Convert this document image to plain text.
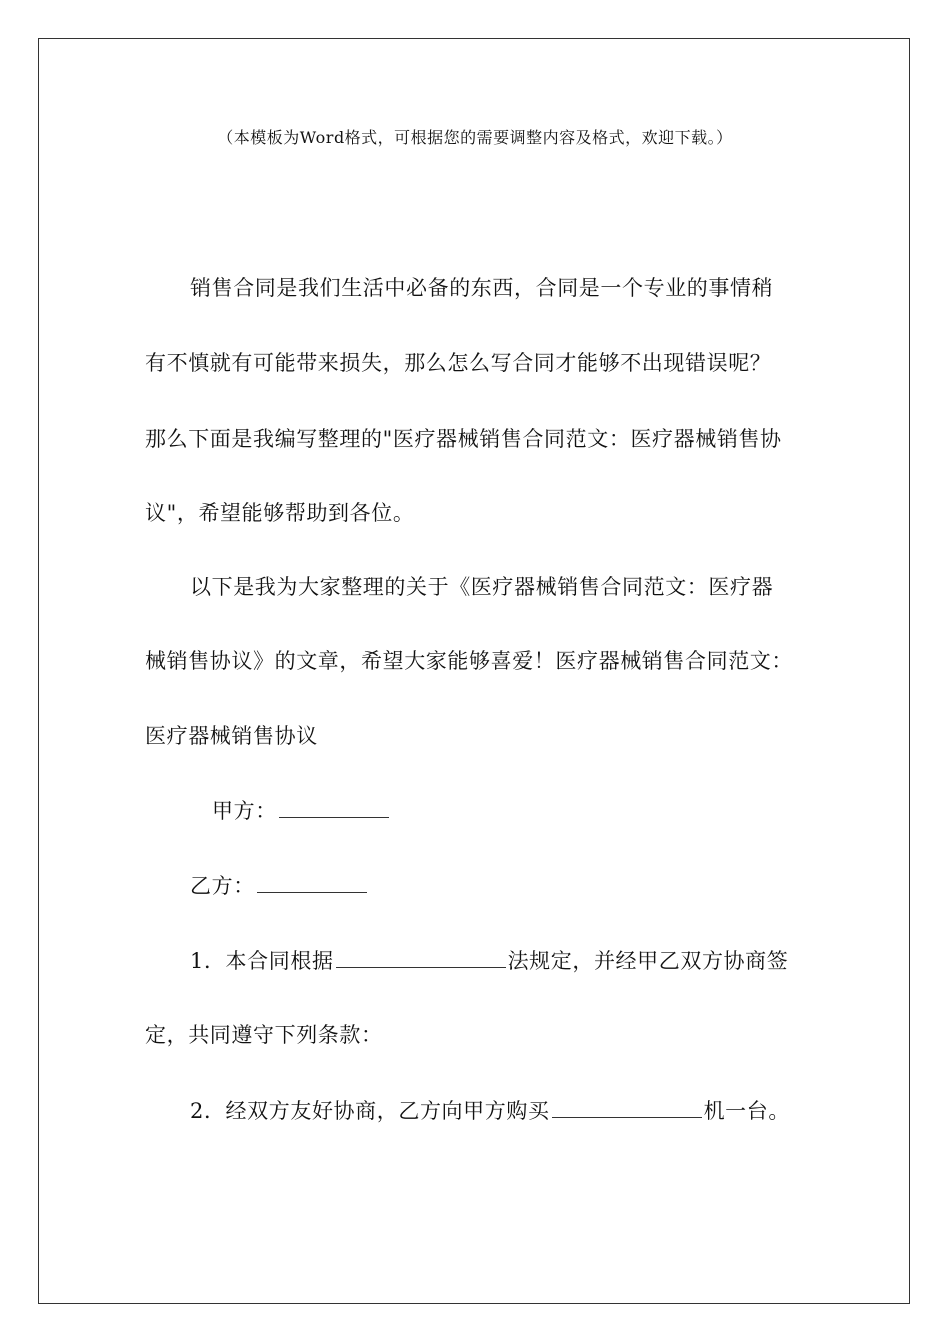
（本模板为Word格式，可根据您的需要调整内容及格式，欢迎下载。）
销售合同是我们生活中必备的东西，合同是一个专业的事情稍
有不慎就有可能带来损失，那么怎么写合同才能够不出现错误呢？
那么下面是我编写整理的"医疗器械销售合同范文：医疗器械销售协
议"，希望能够帮助到各位。
以下是我为大家整理的关于《医疗器械销售合同范文：医疗器
械销售协议》的文章，希望大家能够喜爱！医疗器械销售合同范文：
医疗器械销售协议
甲方：
乙方：
1．本合同根据	法规定，并经甲乙双方协商签
定，共同遵守下列条款：
2．经双方友好协商，乙方向甲方购买	机一台。
